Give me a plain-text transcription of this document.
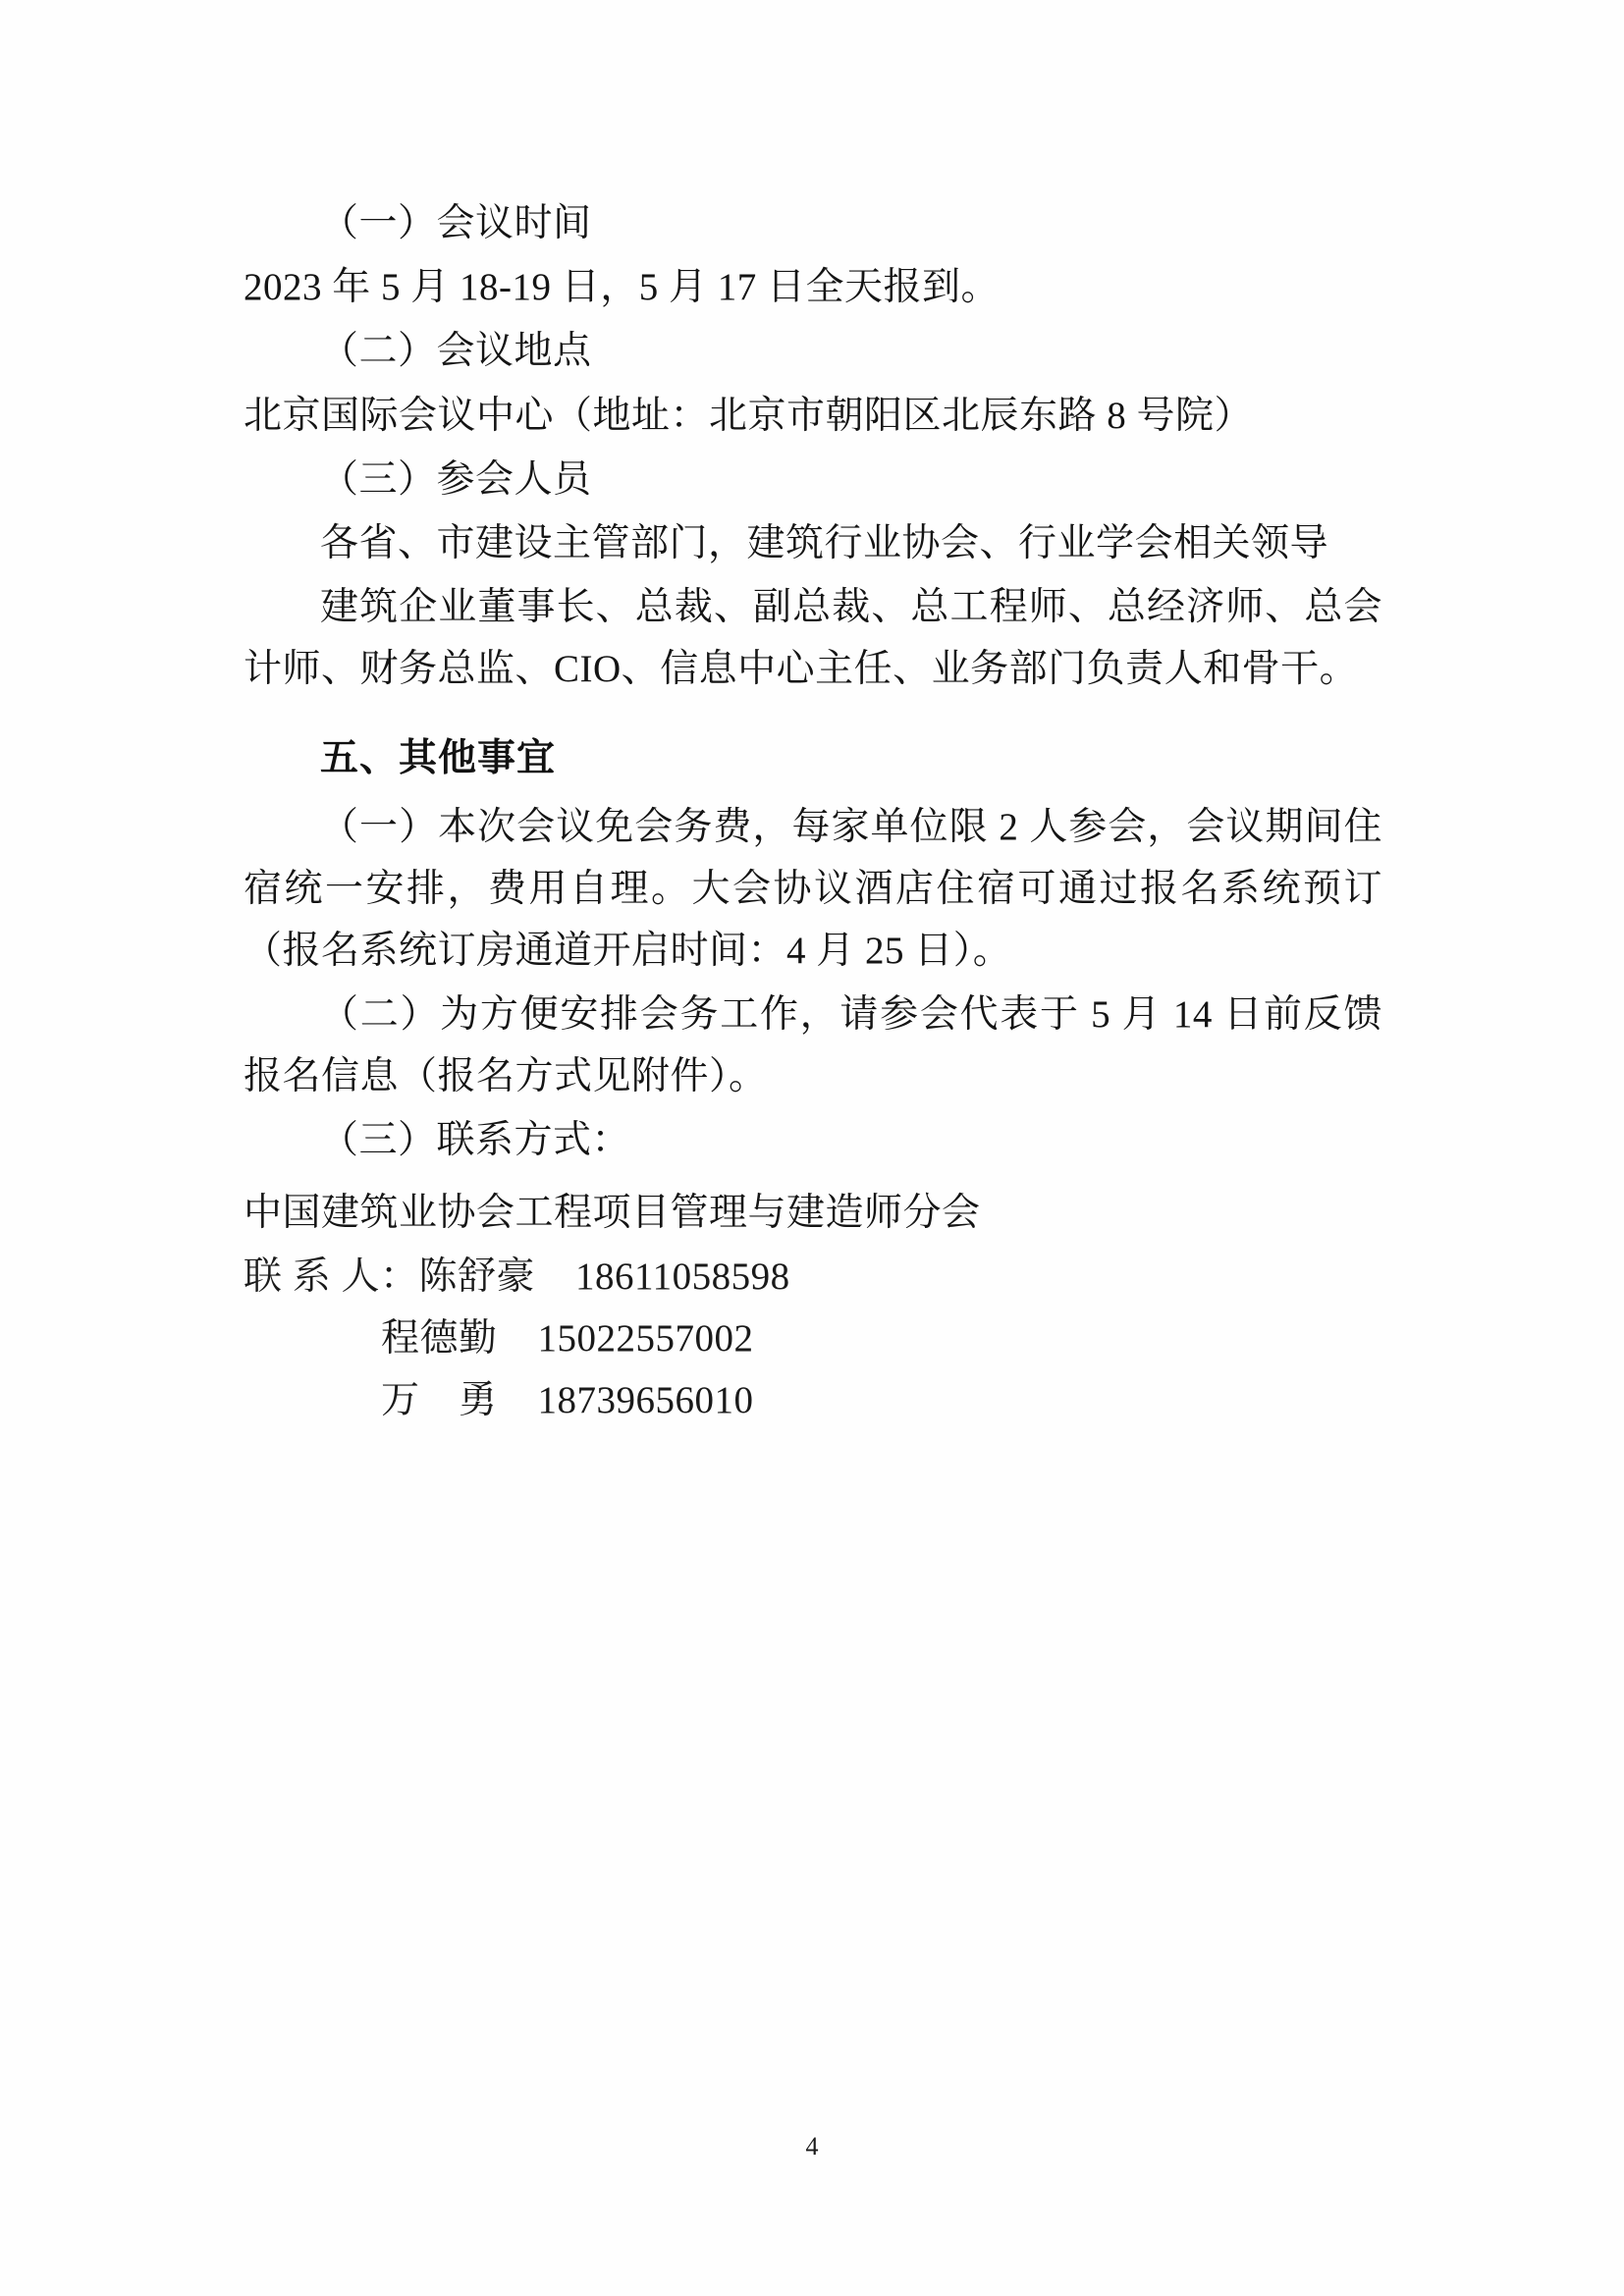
（一）会议时间

2023 年 5 月 18-19 日，5 月 17 日全天报到。

（二）会议地点

北京国际会议中心（地址：北京市朝阳区北辰东路 8 号院）

（三）参会人员

各省、市建设主管部门，建筑行业协会、行业学会相关领导

建筑企业董事长、总裁、副总裁、总工程师、总经济师、总会计师、财务总监、CIO、信息中心主任、业务部门负责人和骨干。

五、其他事宜

（一）本次会议免会务费，每家单位限 2 人参会，会议期间住宿统一安排，费用自理。大会协议酒店住宿可通过报名系统预订（报名系统订房通道开启时间：4 月 25 日）。

（二）为方便安排会务工作，请参会代表于 5 月 14 日前反馈报名信息（报名方式见附件）。

（三）联系方式：

中国建筑业协会工程项目管理与建造师分会

联 系 人：陈舒豪 18611058598

程德勤 15022557002

万　勇 18739656010

4
